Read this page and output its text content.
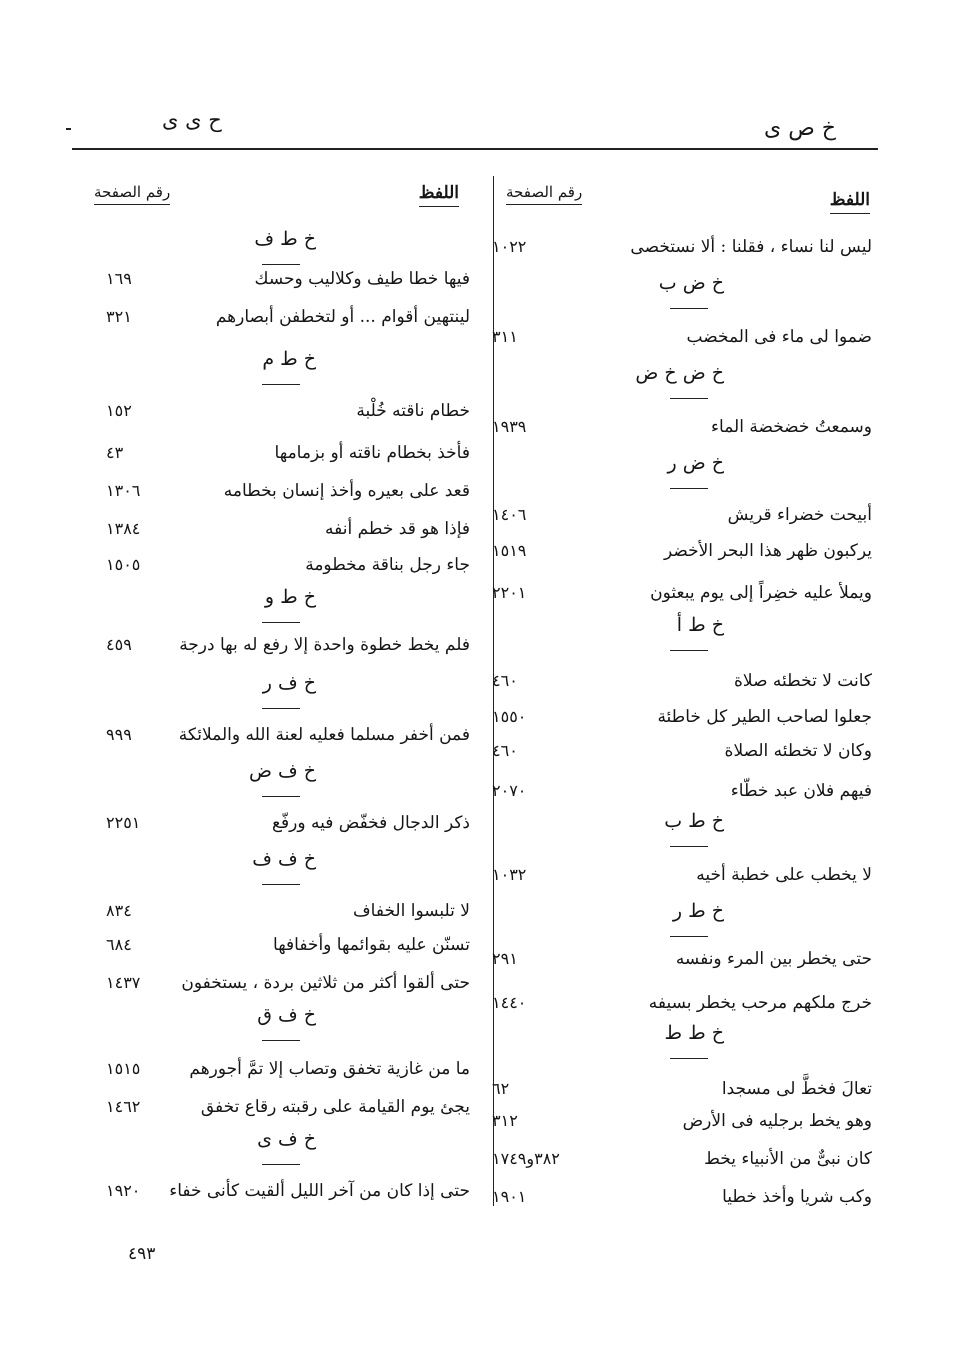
خ ص ى
ح ى ى
اللفظ
رقم الصفحة	اللفظ
رقم الصفحة
خ ط ف
فيها خطا طيف وكلاليب وحسك
١٦٩
لينتهين أقوام ... أو لتخطفن أبصارهم
٣٢١
خ ط م
خطام ناقته خُلْبة
١٥٢
فأخذ بخطام ناقته أو بزمامها
٤٣
قعد على بعيره وأخذ إنسان بخطامه
١٣٠٦
فإذا هو قد خطم أنفه
١٣٨٤
جاء رجل بناقة مخطومة
١٥٠٥
خ ط و
فلم يخط خطوة واحدة إلا رفع له بها درجة
٤٥٩
خ ف ر
فمن أخفر مسلما فعليه لعنة الله والملائكة
٩٩٩
خ ف ض
ذكر الدجال فخفّض فيه ورفّع
٢٢٥١
خ ف ف
لا تلبسوا الخفاف
٨٣٤
تسنّن عليه بقوائمها وأخفافها
٦٨٤
حتى ألقوا أكثر من ثلاثين بردة ، يستخفون
١٤٣٧
خ ف ق
ما من غازية تخفق وتصاب إلا تمَّ أجورهم
١٥١٥
يجئ يوم القيامة على رقبته رقاع تخفق
١٤٦٢
خ ف ى
حتى إذا كان من آخر الليل ألقيت كأنى خفاء
١٩٢٠
ليس لنا نساء ، فقلنا : ألا نستخصى
١٠٢٢
خ ض ب
ضموا لى ماء فى المخضب
٣١١
خ ض خ ض
وسمعتُ خضخضة الماء
١٩٣٩
خ ض ر
أبيحت خضراء قريش
١٤٠٦
يركبون ظهر هذا البحر الأخضر
١٥١٩
ويملأ عليه خضِراً إلى يوم يبعثون
٢٢٠١
خ ط أ
كانت لا تخطئه صلاة
٤٦٠
جعلوا لصاحب الطير كل خاطئة
١٥٥٠
وكان لا تخطئه الصلاة
٤٦٠
فيهم فلان عبد خطّاء
٢٠٧٠
خ ط ب
لا يخطب على خطبة أخيه
١٠٣٢
خ ط ر
حتى يخطر بين المرء ونفسه
٢٩١
خرج ملكهم مرحب يخطر بسيفه
١٤٤٠
خ ط ط
تعالَ فخطَّ لى مسجدا
٦٢
وهو يخط برجليه فى الأرض
٣١٢
كان نبىٌّ من الأنبياء يخط
٣٨٢و١٧٤٩
وكب شريا وأخذ خطيا
١٩٠١
٤٩٣
